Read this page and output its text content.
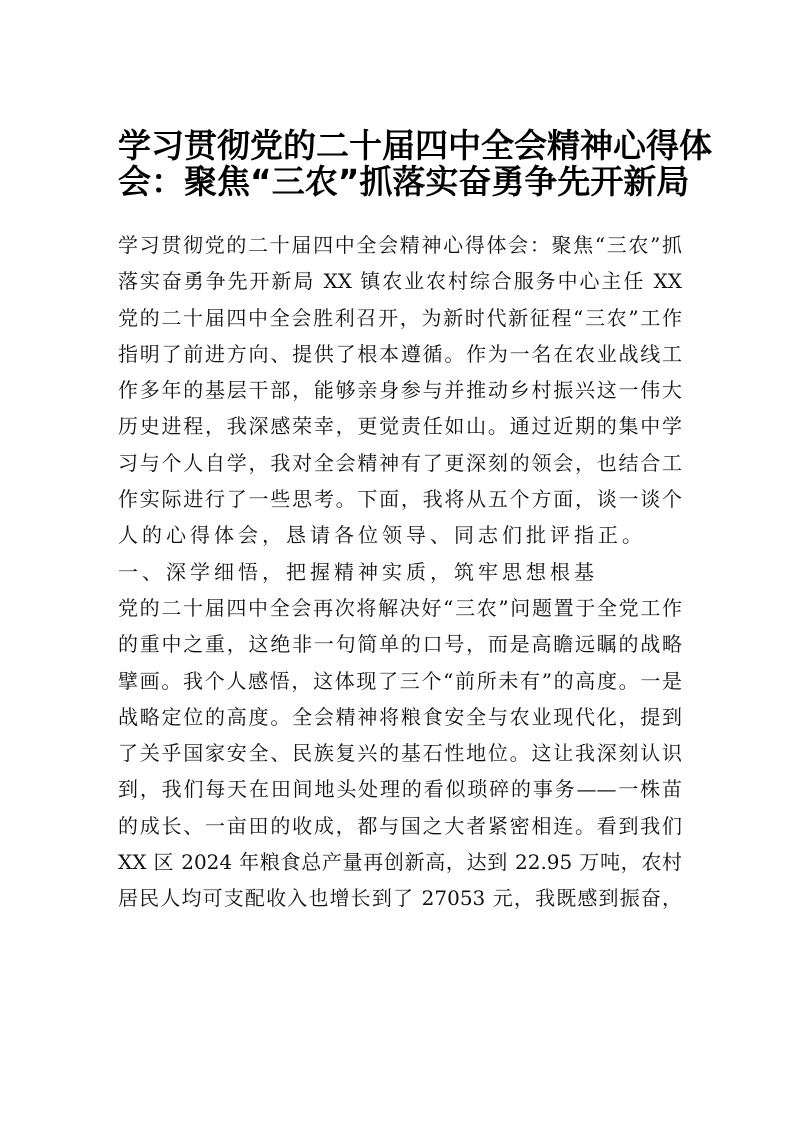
学习贯彻党的二十届四中全会精神心得体
会：聚焦“三农”抓落实奋勇争先开新局
学习贯彻党的二十届四中全会精神心得体会：聚焦“三农”抓
落实奋勇争先开新局 XX 镇农业农村综合服务中心主任 XX
党的二十届四中全会胜利召开，为新时代新征程“三农”工作
指明了前进方向、提供了根本遵循。作为一名在农业战线工
作多年的基层干部，能够亲身参与并推动乡村振兴这一伟大
历史进程，我深感荣幸，更觉责任如山。通过近期的集中学
习与个人自学，我对全会精神有了更深刻的领会，也结合工
作实际进行了一些思考。下面，我将从五个方面，谈一谈个
人的心得体会，恳请各位领导、同志们批评指正。
一、深学细悟，把握精神实质，筑牢思想根基
党的二十届四中全会再次将解决好“三农”问题置于全党工作
的重中之重，这绝非一句简单的口号，而是高瞻远瞩的战略
擘画。我个人感悟，这体现了三个“前所未有”的高度。一是
战略定位的高度。全会精神将粮食安全与农业现代化，提到
了关乎国家安全、民族复兴的基石性地位。这让我深刻认识
到，我们每天在田间地头处理的看似琐碎的事务——一株苗
的成长、一亩田的收成，都与国之大者紧密相连。看到我们
XX 区 2024 年粮食总产量再创新高，达到 22.95 万吨，农村
居民人均可支配收入也增长到了 27053 元，我既感到振奋，
